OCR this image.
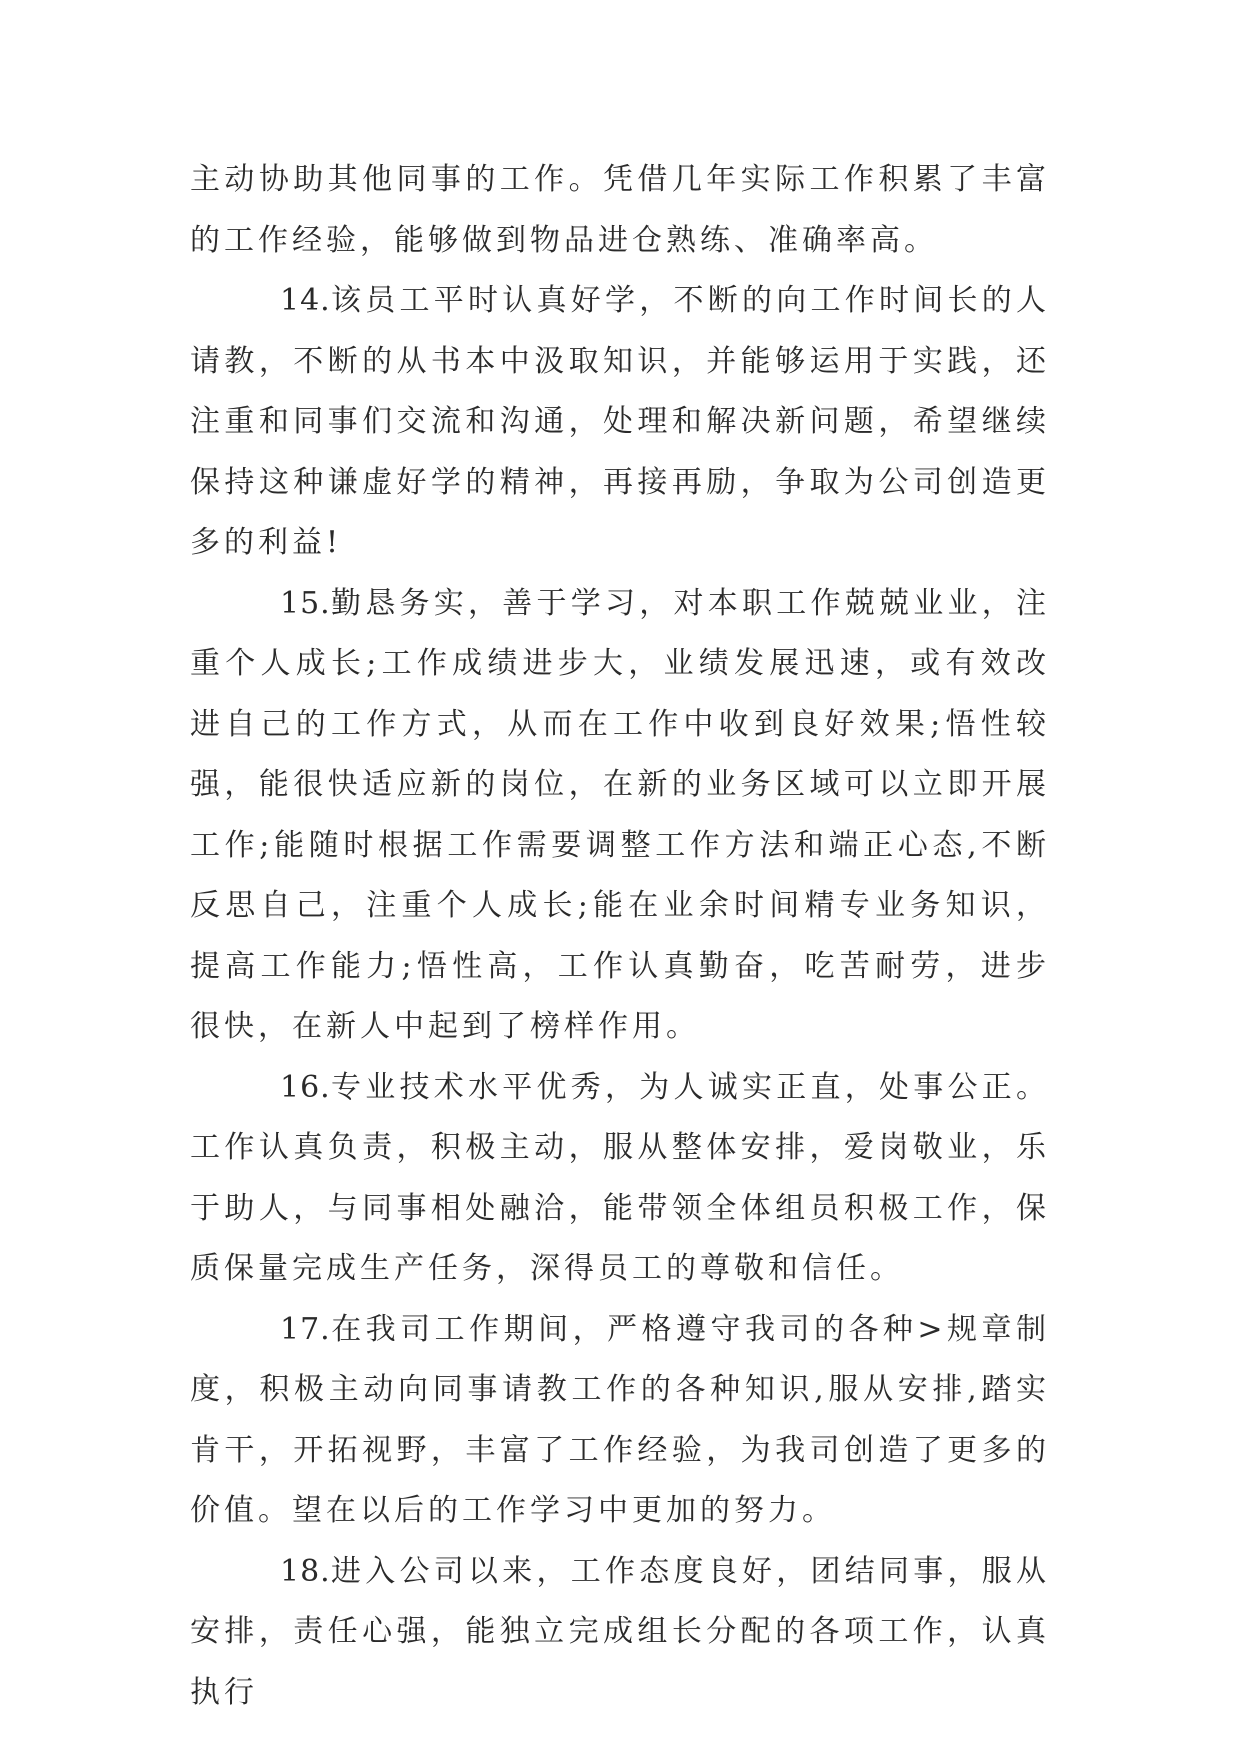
主动协助其他同事的工作。凭借几年实际工作积累了丰富的工作经验，能够做到物品进仓熟练、准确率高。

14.该员工平时认真好学，不断的向工作时间长的人请教，不断的从书本中汲取知识，并能够运用于实践，还注重和同事们交流和沟通，处理和解决新问题，希望继续保持这种谦虚好学的精神，再接再励，争取为公司创造更多的利益!

15.勤恳务实，善于学习，对本职工作兢兢业业，注重个人成长;工作成绩进步大，业绩发展迅速，或有效改进自己的工作方式，从而在工作中收到良好效果;悟性较强，能很快适应新的岗位，在新的业务区域可以立即开展工作;能随时根据工作需要调整工作方法和端正心态,不断反思自己，注重个人成长;能在业余时间精专业务知识，提高工作能力;悟性高，工作认真勤奋，吃苦耐劳，进步很快，在新人中起到了榜样作用。

16.专业技术水平优秀，为人诚实正直，处事公正。工作认真负责，积极主动，服从整体安排，爱岗敬业，乐于助人，与同事相处融洽，能带领全体组员积极工作，保质保量完成生产任务，深得员工的尊敬和信任。

17.在我司工作期间，严格遵守我司的各种>规章制度，积极主动向同事请教工作的各种知识,服从安排,踏实肯干，开拓视野，丰富了工作经验，为我司创造了更多的价值。望在以后的工作学习中更加的努力。

18.进入公司以来，工作态度良好，团结同事，服从安排，责任心强，能独立完成组长分配的各项工作，认真执行
